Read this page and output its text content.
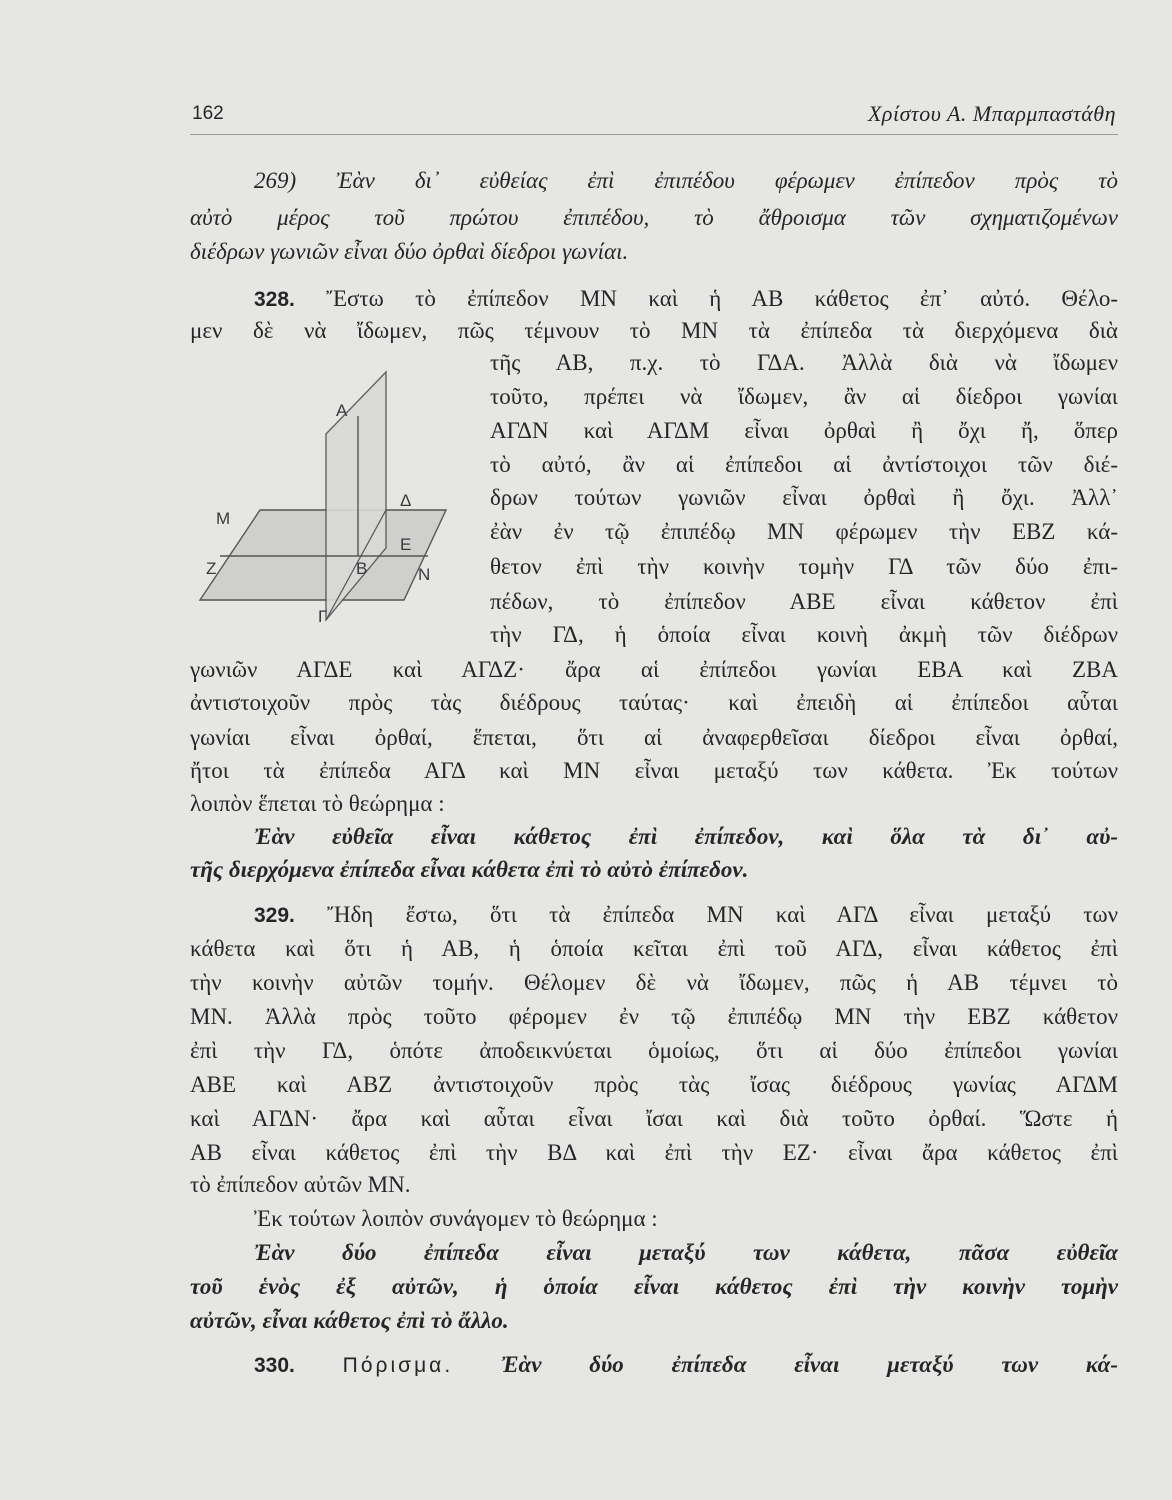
162	Χρίστου Α. Μπαρμπαστάθη
269) Ἐὰν δι᾽ εὐθείας ἐπὶ ἐπιπέδου φέρωμεν ἐπίπεδον πρὸς τὸ
αὐτὸ μέρος τοῦ πρώτου ἐπιπέδου, τὸ ἄθροισμα τῶν σχηματιζομένων
διέδρων γωνιῶν εἶναι δύο ὀρθαὶ δίεδροι γωνίαι.
328. Ἔστω τὸ ἐπίπεδον ΜΝ καὶ ἡ ΑΒ κάθετος ἐπ᾽ αὐτό. Θέλο-
μεν δὲ νὰ ἴδωμεν, πῶς τέμνουν τὸ ΜΝ τὰ ἐπίπεδα τὰ διερχόμενα διὰ
τῆς ΑΒ, π.χ. τὸ ΓΔΑ. Ἀλλὰ διὰ νὰ ἴδωμεν
τοῦτο, πρέπει νὰ ἴδωμεν, ἂν αἱ δίεδροι γωνίαι
ΑΓΔΝ καὶ ΑΓΔΜ εἶναι ὀρθαὶ ἢ ὄχι ἤ, ὅπερ
τὸ αὐτό, ἂν αἱ ἐπίπεδοι αἱ ἀντίστοιχοι τῶν διέ-
δρων τούτων γωνιῶν εἶναι ὀρθαὶ ἢ ὄχι. Ἀλλ᾽
ἐὰν ἐν τῷ ἐπιπέδῳ ΜΝ φέρωμεν τὴν ΕΒΖ κά-
θετον ἐπὶ τὴν κοινὴν τομὴν ΓΔ τῶν δύο ἐπι-
πέδων, τὸ ἐπίπεδον ΑΒΕ εἶναι κάθετον ἐπὶ
τὴν ΓΔ, ἡ ὁποία εἶναι κοινὴ ἀκμὴ τῶν διέδρων
γωνιῶν ΑΓΔΕ καὶ ΑΓΔΖ· ἄρα αἱ ἐπίπεδοι γωνίαι ΕΒΑ καὶ ΖΒΑ
ἀντιστοιχοῦν πρὸς τὰς διέδρους ταύτας· καὶ ἐπειδὴ αἱ ἐπίπεδοι αὗται
γωνίαι εἶναι ὀρθαί, ἕπεται, ὅτι αἱ ἀναφερθεῖσαι δίεδροι εἶναι ὀρθαί,
ἤτοι τὰ ἐπίπεδα ΑΓΔ καὶ ΜΝ εἶναι μεταξύ των κάθετα. Ἐκ τούτων
λοιπὸν ἕπεται τὸ θεώρημα :
Ἐὰν εὐθεῖα εἶναι κάθετος ἐπὶ ἐπίπεδον, καὶ ὅλα τὰ δι᾽ αὐ-
τῆς διερχόμενα ἐπίπεδα εἶναι κάθετα ἐπὶ τὸ αὐτὸ ἐπίπεδον.
329. Ἤδη ἔστω, ὅτι τὰ ἐπίπεδα ΜΝ καὶ ΑΓΔ εἶναι μεταξύ των
κάθετα καὶ ὅτι ἡ ΑΒ, ἡ ὁποία κεῖται ἐπὶ τοῦ ΑΓΔ, εἶναι κάθετος ἐπὶ
τὴν κοινὴν αὐτῶν τομήν. Θέλομεν δὲ νὰ ἴδωμεν, πῶς ἡ ΑΒ τέμνει τὸ
ΜΝ. Ἀλλὰ πρὸς τοῦτο φέρομεν ἐν τῷ ἐπιπέδῳ ΜΝ τὴν ΕΒΖ κάθετον
ἐπὶ τὴν ΓΔ, ὁπότε ἀποδεικνύεται ὁμοίως, ὅτι αἱ δύο ἐπίπεδοι γωνίαι
ΑΒΕ καὶ ΑΒΖ ἀντιστοιχοῦν πρὸς τὰς ἴσας διέδρους γωνίας ΑΓΔΜ
καὶ ΑΓΔΝ· ἄρα καὶ αὗται εἶναι ἴσαι καὶ διὰ τοῦτο ὀρθαί. Ὥστε ἡ
ΑΒ εἶναι κάθετος ἐπὶ τὴν ΒΔ καὶ ἐπὶ τὴν ΕΖ· εἶναι ἄρα κάθετος ἐπὶ
τὸ ἐπίπεδον αὐτῶν ΜΝ.
Ἐκ τούτων λοιπὸν συνάγομεν τὸ θεώρημα :
Ἐὰν δύο ἐπίπεδα εἶναι μεταξύ των κάθετα, πᾶσα εὐθεῖα
τοῦ ἑνὸς ἐξ αὐτῶν, ἡ ὁποία εἶναι κάθετος ἐπὶ τὴν κοινὴν τομὴν
αὐτῶν, εἶναι κάθετος ἐπὶ τὸ ἄλλο.
330. Πόρισμα. Ἐὰν δύο ἐπίπεδα εἶναι μεταξύ των κά-
Α
Δ
Μ
Ε
Ζ	Β	Ν
Γ
